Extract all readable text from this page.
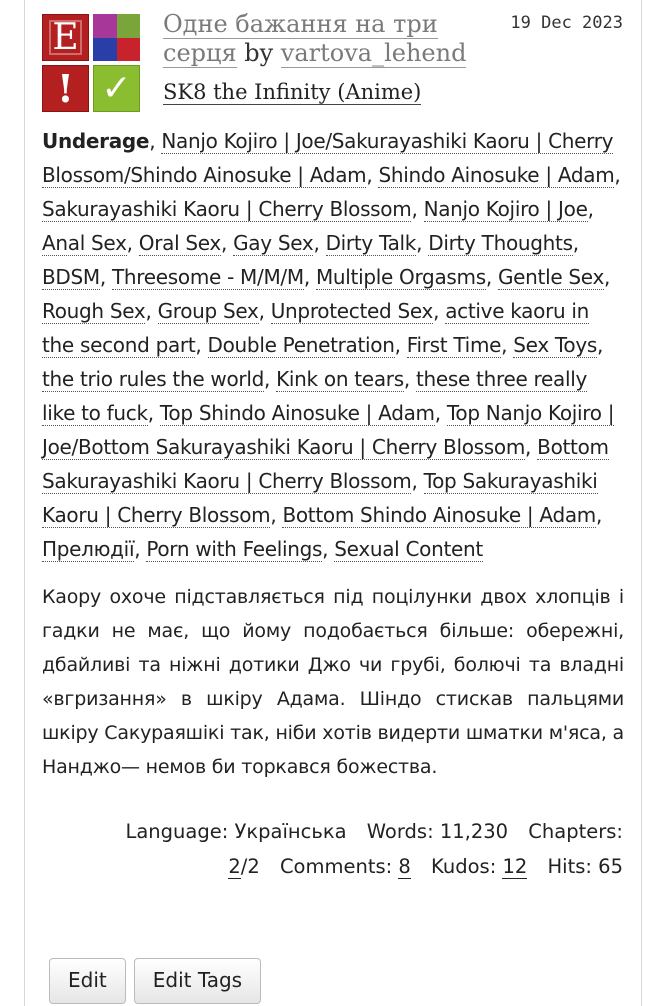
E
! ✓
Одне бажання на три серця by vartova_lehend
SK8 the Infinity (Anime)
19 Dec 2023
Underage, Nanjo Kojiro | Joe/Sakurayashiki Kaoru | Cherry Blossom/Shindo Ainosuke | Adam, Shindo Ainosuke | Adam, Sakurayashiki Kaoru | Cherry Blossom, Nanjo Kojiro | Joe, Anal Sex, Oral Sex, Gay Sex, Dirty Talk, Dirty Thoughts, BDSM, Threesome - M/M/M, Multiple Orgasms, Gentle Sex, Rough Sex, Group Sex, Unprotected Sex, active kaoru in the second part, Double Penetration, First Time, Sex Toys, the trio rules the world, Kink on tears, these three really like to fuck, Top Shindo Ainosuke | Adam, Top Nanjo Kojiro | Joe/Bottom Sakurayashiki Kaoru | Cherry Blossom, Bottom Sakurayashiki Kaoru | Cherry Blossom, Top Sakurayashiki Kaoru | Cherry Blossom, Bottom Shindo Ainosuke | Adam, Прелюдії, Porn with Feelings, Sexual Content
Каору охоче підставляється під поцілунки двох хлопців і гадки не має, що йому подобається більше: обережні, дбайливі та ніжні дотики Джо чи грубі, болючі та владні «вгризання» в шкіру Адама. Шіндо стискав пальцями шкіру Сакураяшікі так, ніби хотів видерти шматки м'яса, а Нанджо— немов би торкався божества.
Language: Українська Words: 11,230 Chapters:
2/2 Comments: 8 Kudos: 12 Hits: 65
Edit Edit Tags
